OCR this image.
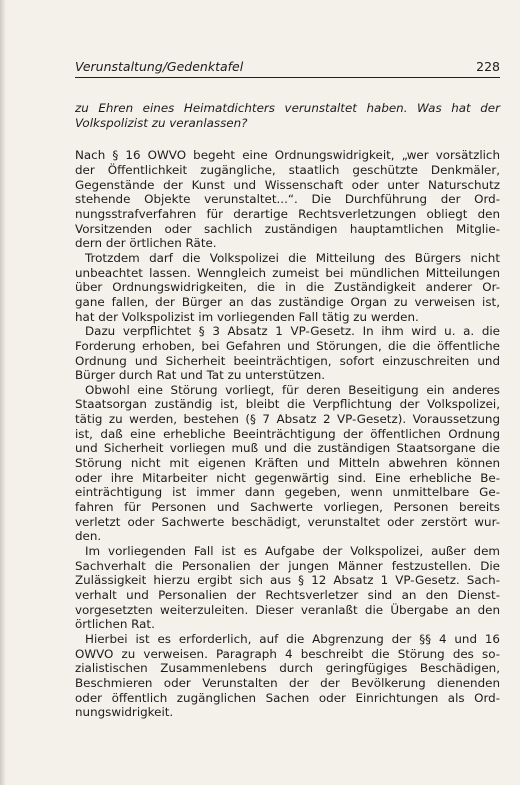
Verunstaltung/Gedenktafel	228

zu Ehren eines Heimatdichters verunstaltet haben. Was hat der
Volkspolizist zu veranlassen?

Nach § 16 OWVO begeht eine Ordnungswidrigkeit, „wer vorsätzlich
der Öffentlichkeit zugängliche, staatlich geschützte Denkmäler,
Gegenstände der Kunst und Wissenschaft oder unter Naturschutz
stehende Objekte verunstaltet...“. Die Durchführung der Ord-
nungsstrafverfahren für derartige Rechtsverletzungen obliegt den
Vorsitzenden oder sachlich zuständigen hauptamtlichen Mitglie-
dern der örtlichen Räte.

Trotzdem darf die Volkspolizei die Mitteilung des Bürgers nicht
unbeachtet lassen. Wenngleich zumeist bei mündlichen Mitteilungen
über Ordnungswidrigkeiten, die in die Zuständigkeit anderer Or-
gane fallen, der Bürger an das zuständige Organ zu verweisen ist,
hat der Volkspolizist im vorliegenden Fall tätig zu werden.

Dazu verpflichtet § 3 Absatz 1 VP-Gesetz. In ihm wird u. a. die
Forderung erhoben, bei Gefahren und Störungen, die die öffentliche
Ordnung und Sicherheit beeinträchtigen, sofort einzuschreiten und
Bürger durch Rat und Tat zu unterstützen.

Obwohl eine Störung vorliegt, für deren Beseitigung ein anderes
Staatsorgan zuständig ist, bleibt die Verpflichtung der Volkspolizei,
tätig zu werden, bestehen (§ 7 Absatz 2 VP-Gesetz). Voraussetzung
ist, daß eine erhebliche Beeinträchtigung der öffentlichen Ordnung
und Sicherheit vorliegen muß und die zuständigen Staatsorgane die
Störung nicht mit eigenen Kräften und Mitteln abwehren können
oder ihre Mitarbeiter nicht gegenwärtig sind. Eine erhebliche Be-
einträchtigung ist immer dann gegeben, wenn unmittelbare Ge-
fahren für Personen und Sachwerte vorliegen, Personen bereits
verletzt oder Sachwerte beschädigt, verunstaltet oder zerstört wur-
den.

Im vorliegenden Fall ist es Aufgabe der Volkspolizei, außer dem
Sachverhalt die Personalien der jungen Männer festzustellen. Die
Zulässigkeit hierzu ergibt sich aus § 12 Absatz 1 VP-Gesetz. Sach-
verhalt und Personalien der Rechtsverletzer sind an den Dienst-
vorgesetzten weiterzuleiten. Dieser veranlaßt die Übergabe an den
örtlichen Rat.

Hierbei ist es erforderlich, auf die Abgrenzung der §§ 4 und 16
OWVO zu verweisen. Paragraph 4 beschreibt die Störung des so-
zialistischen Zusammenlebens durch geringfügiges Beschädigen,
Beschmieren oder Verunstalten der der Bevölkerung dienenden
oder öffentlich zugänglichen Sachen oder Einrichtungen als Ord-
nungswidrigkeit.
